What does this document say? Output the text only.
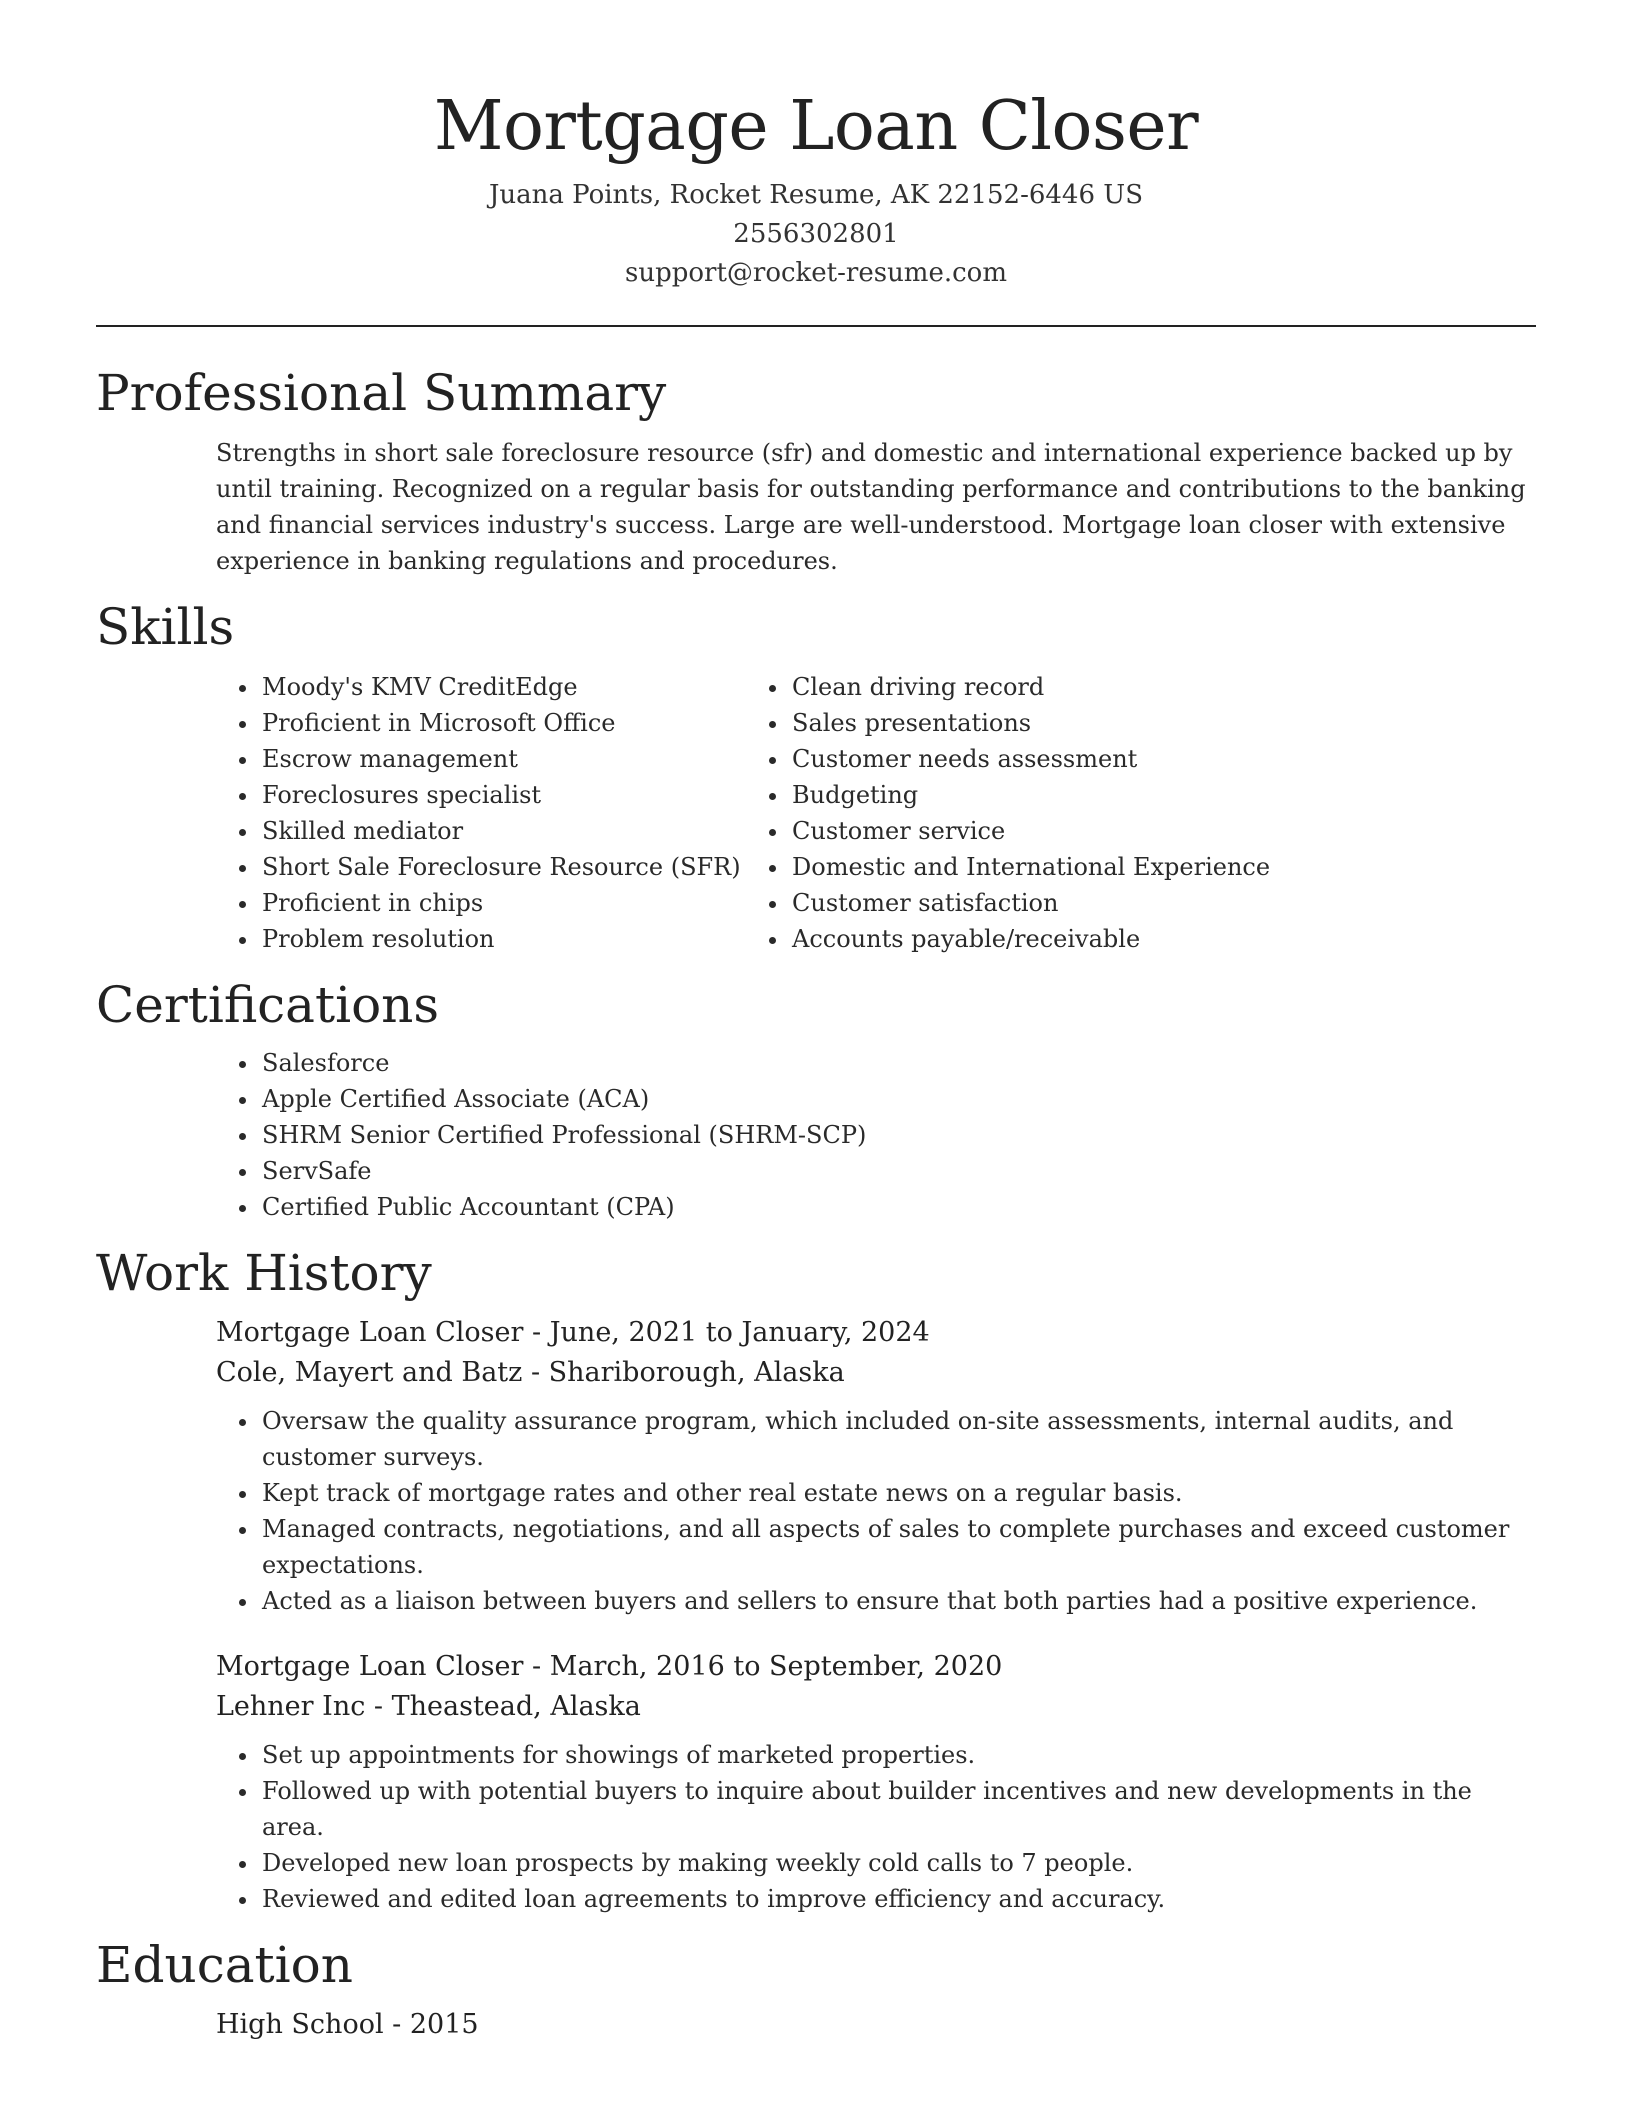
Mortgage Loan Closer
Juana Points, Rocket Resume, AK 22152-6446 US
2556302801
support@rocket-resume.com
Professional Summary

Strengths in short sale foreclosure resource (sfr) and domestic and international experience backed up by until training. Recognized on a regular basis for outstanding performance and contributions to the banking and financial services industry's success. Large are well-understood. Mortgage loan closer with extensive experience in banking regulations and procedures.

Skills
• Moody's KMV CreditEdge
• Proficient in Microsoft Office
• Escrow management
• Foreclosures specialist
• Skilled mediator
• Short Sale Foreclosure Resource (SFR)
• Proficient in chips
• Problem resolution
• Clean driving record
• Sales presentations
• Customer needs assessment
• Budgeting
• Customer service
• Domestic and International Experience
• Customer satisfaction
• Accounts payable/receivable
Certifications
• Salesforce
• Apple Certified Associate (ACA)
• SHRM Senior Certified Professional (SHRM-SCP)
• ServSafe
• Certified Public Accountant (CPA)
Work History
Mortgage Loan Closer - June, 2021 to January, 2024
Cole, Mayert and Batz - Shariborough, Alaska
• Oversaw the quality assurance program, which included on-site assessments, internal audits, and customer surveys.
• Kept track of mortgage rates and other real estate news on a regular basis.
• Managed contracts, negotiations, and all aspects of sales to complete purchases and exceed customer expectations.
• Acted as a liaison between buyers and sellers to ensure that both parties had a positive experience.
Mortgage Loan Closer - March, 2016 to September, 2020
Lehner Inc - Theastead, Alaska
• Set up appointments for showings of marketed properties.
• Followed up with potential buyers to inquire about builder incentives and new developments in the area.
• Developed new loan prospects by making weekly cold calls to 7 people.
• Reviewed and edited loan agreements to improve efficiency and accuracy.
Education
High School - 2015
